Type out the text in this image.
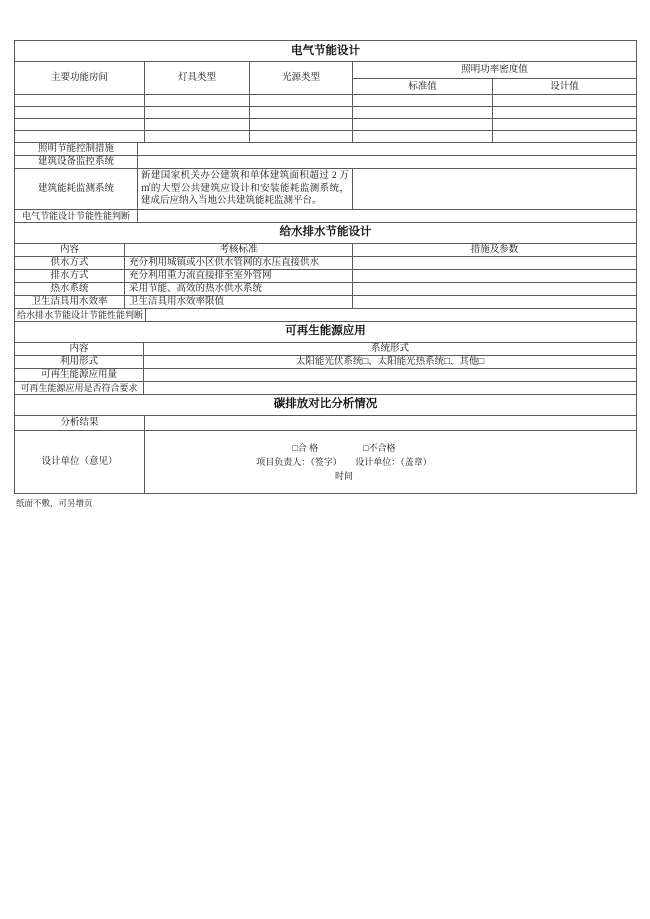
电气节能设计				
主要功能房间	灯具类型	光源类型	照明功率密度值	
			标准值	设计值

照明节能控制措施		
建筑设备监控系统		
建筑能耗监测系统	新建国家机关办公建筑和单体建筑面积超过 2 万㎡的大型公共建筑应设计和安装能耗监测系统，建成后应纳入当地公共建筑能耗监测平台。	
电气节能设计节能性能判断		
给水排水节能设计		
内容	考核标准	措施及参数
供水方式	充分利用城镇或小区供水管网的水压直接供水	
排水方式	充分利用重力流直接排至室外管网	
热水系统	采用节能、高效的热水供水系统	
卫生洁具用水效率	卫生洁具用水效率限值	
给水排水节能设计节能性能判断	
可再生能源应用	
内容	系统形式
利用形式	太阳能光伏系统□、太阳能光热系统□、其他□
可再生能源应用量	
可再生能源应用是否符合要求	
碳排放对比分析情况	
分析结果	
设计单位（意见）	□合 格　　　　　□不合格
项目负责人：（签字）　　设计单位：（盖章）
时间
纸面不敷，可另增页
